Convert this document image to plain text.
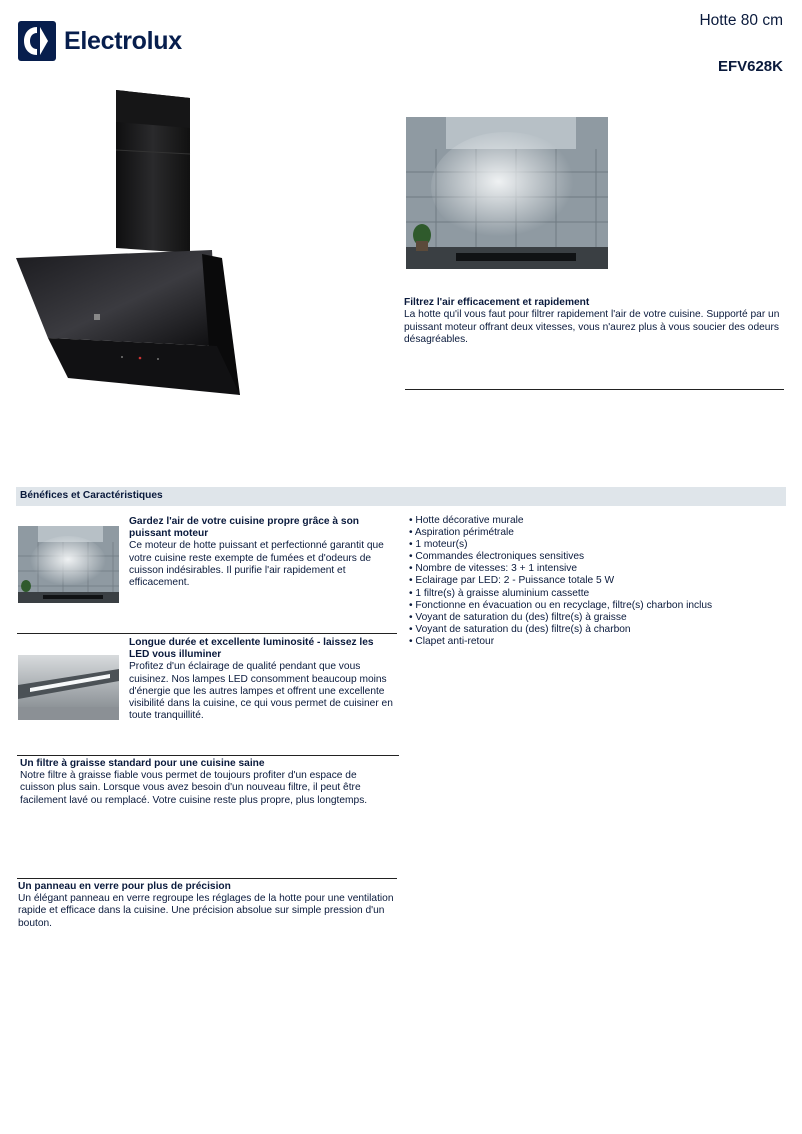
Electrolux
Hotte 80 cm
EFV628K
Filtrez l'air efficacement et rapidement
La hotte qu'il vous faut pour filtrer rapidement l'air de votre cuisine. Supporté par un puissant moteur offrant deux vitesses, vous n'aurez plus à vous soucier des odeurs désagréables.
Bénéfices et Caractéristiques
Gardez l'air de votre cuisine propre grâce à son puissant moteur
Ce moteur de hotte puissant et perfectionné garantit que votre cuisine reste exempte de fumées et d'odeurs de cuisson indésirables. Il purifie l'air rapidement et efficacement.
Longue durée et excellente luminosité - laissez les LED vous illuminer
Profitez d'un éclairage de qualité pendant que vous cuisinez. Nos lampes LED consomment beaucoup moins d'énergie que les autres lampes et offrent une excellente visibilité dans la cuisine, ce qui vous permet de cuisiner en toute tranquillité.
Un filtre à graisse standard pour une cuisine saine
Notre filtre à graisse fiable vous permet de toujours profiter d'un espace de cuisson plus sain. Lorsque vous avez besoin d'un nouveau filtre, il peut être facilement lavé ou remplacé. Votre cuisine reste plus propre, plus longtemps.
Un panneau en verre pour plus de précision
Un élégant panneau en verre regroupe les réglages de la hotte pour une ventilation rapide et efficace dans la cuisine. Une précision absolue sur simple pression d'un bouton.
• Hotte décorative murale
• Aspiration périmétrale
• 1 moteur(s)
• Commandes électroniques sensitives
• Nombre de vitesses: 3 + 1 intensive
• Eclairage par LED: 2 - Puissance totale 5 W
• 1 filtre(s) à graisse aluminium cassette
• Fonctionne en évacuation ou en recyclage, filtre(s) charbon inclus
• Voyant de saturation du (des) filtre(s) à graisse
• Voyant de saturation du (des) filtre(s) à charbon
• Clapet anti-retour
